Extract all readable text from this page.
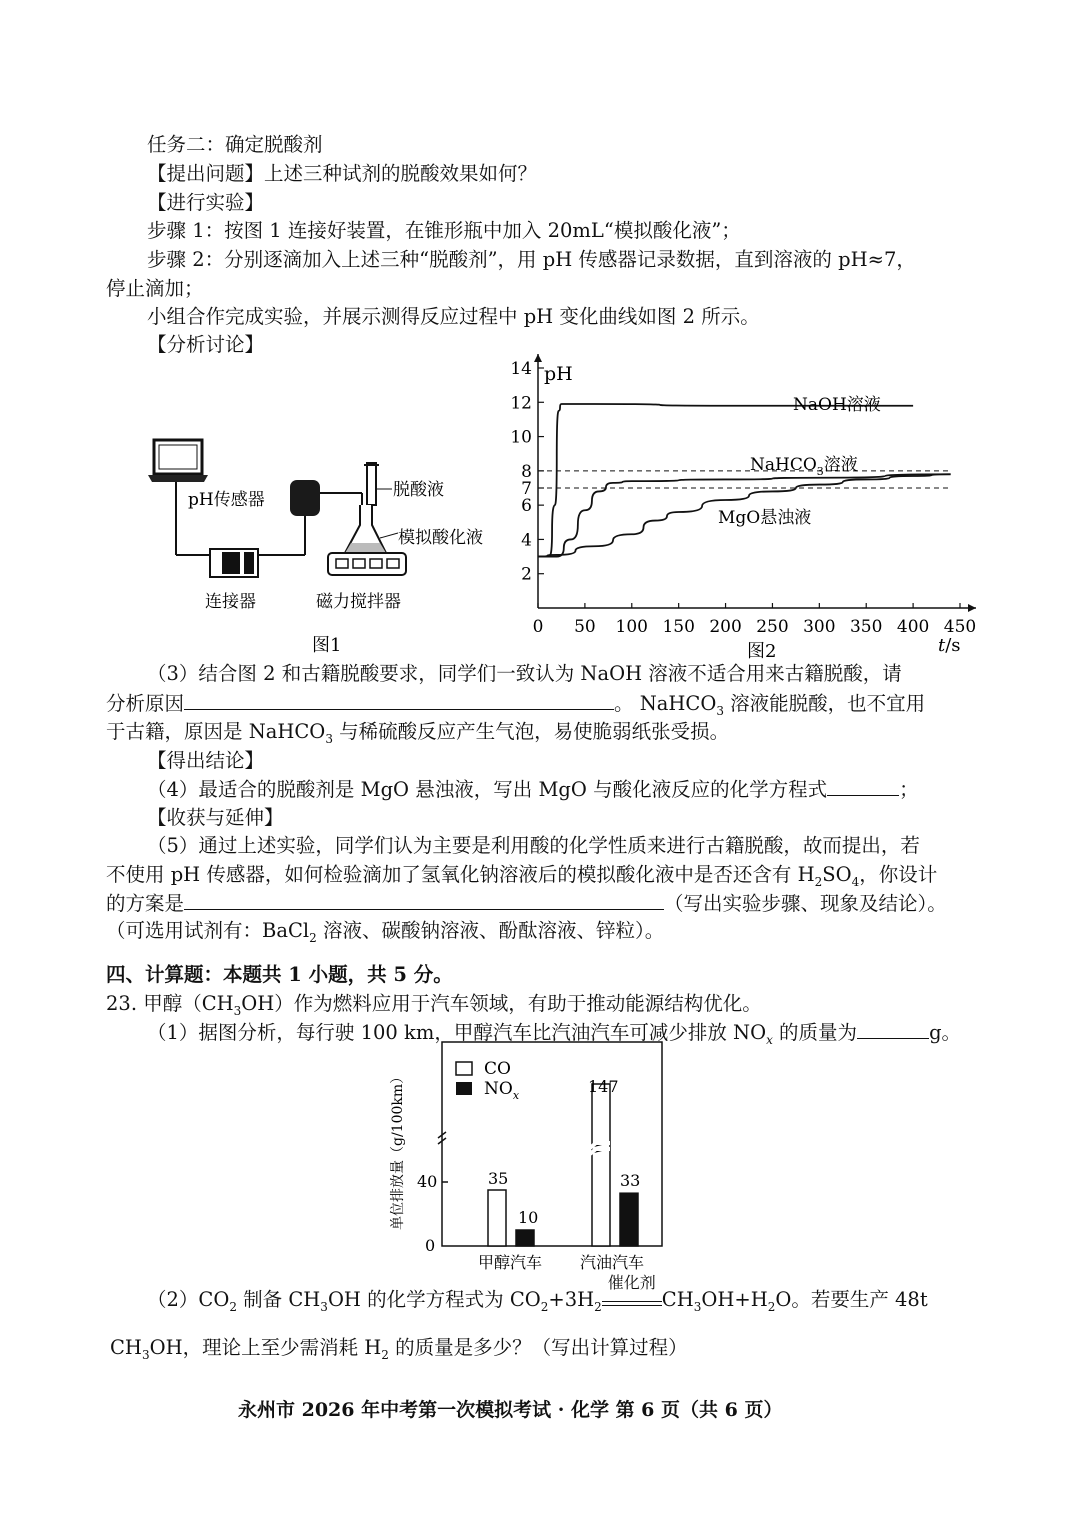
任务二：确定脱酸剂
【提出问题】上述三种试剂的脱酸效果如何？
【进行实验】
步骤 1：按图 1 连接好装置，在锥形瓶中加入 20mL“模拟酸化液”；
步骤 2：分别逐滴加入上述三种“脱酸剂”，用 pH 传感器记录数据，直到溶液的 pH≈7，
停止滴加；
小组合作完成实验，并展示测得反应过程中 pH 变化曲线如图 2 所示。
【分析讨论】
pH传感器
连接器
脱酸液
模拟酸化液
磁力搅拌器
图1
2
4
6
7
8
10
12
14
0 50 100 150 200 250 300 350 400 450
pH
NaOH溶液
NaHCO$_3$溶液
MgO悬浊液
t/s
图2
（3）结合图 2 和古籍脱酸要求，同学们一致认为 NaOH 溶液不适合用来古籍脱酸，请
分析原因	。 NaHCO$_3$ 溶液能脱酸，也不宜用
于古籍，原因是 NaHCO$_3$ 与稀硫酸反应产生气泡，易使脆弱纸张受损。
【得出结论】
（4）最适合的脱酸剂是 MgO 悬浊液，写出 MgO 与酸化液反应的化学方程式	；
【收获与延伸】
（5）通过上述实验，同学们认为主要是利用酸的化学性质来进行古籍脱酸，故而提出，若
不使用 pH 传感器，如何检验滴加了氢氧化钠溶液后的模拟酸化液中是否还含有 $H_2SO_4$，你设计
的方案是	（写出实验步骤、现象及结论）。
（可选用试剂有：BaCl$_2$ 溶液、碳酸钠溶液、酚酞溶液、锌粒）。
四、计算题：本题共 1 小题，共 5 分。
23. 甲醇$(CH_3OH)$作为燃料应用于汽车领域，有助于推动能源结构优化。
（1）据图分析，每行驶 100 km，甲醇汽车比汽油汽车可减少排放 $NO_x$ 的质量为	g。
单位排放量（g/100km）
CO
$NO_x$
40
0
甲醇汽车 汽油汽车
35
10
147
33
$(2)CO_2$ 制备 $CH_3OH$ 的化学方程式为 $CO_2+3H_2$
催化剂
$CH_3OH+H_2O$。若要生产 48t
$CH_3OH$，理论上至少需消耗 $H_2$ 的质量是多少？（写出计算过程）
永州市 2026 年中考第一次模拟考试 · 化学 第 6 页（共 6 页）
